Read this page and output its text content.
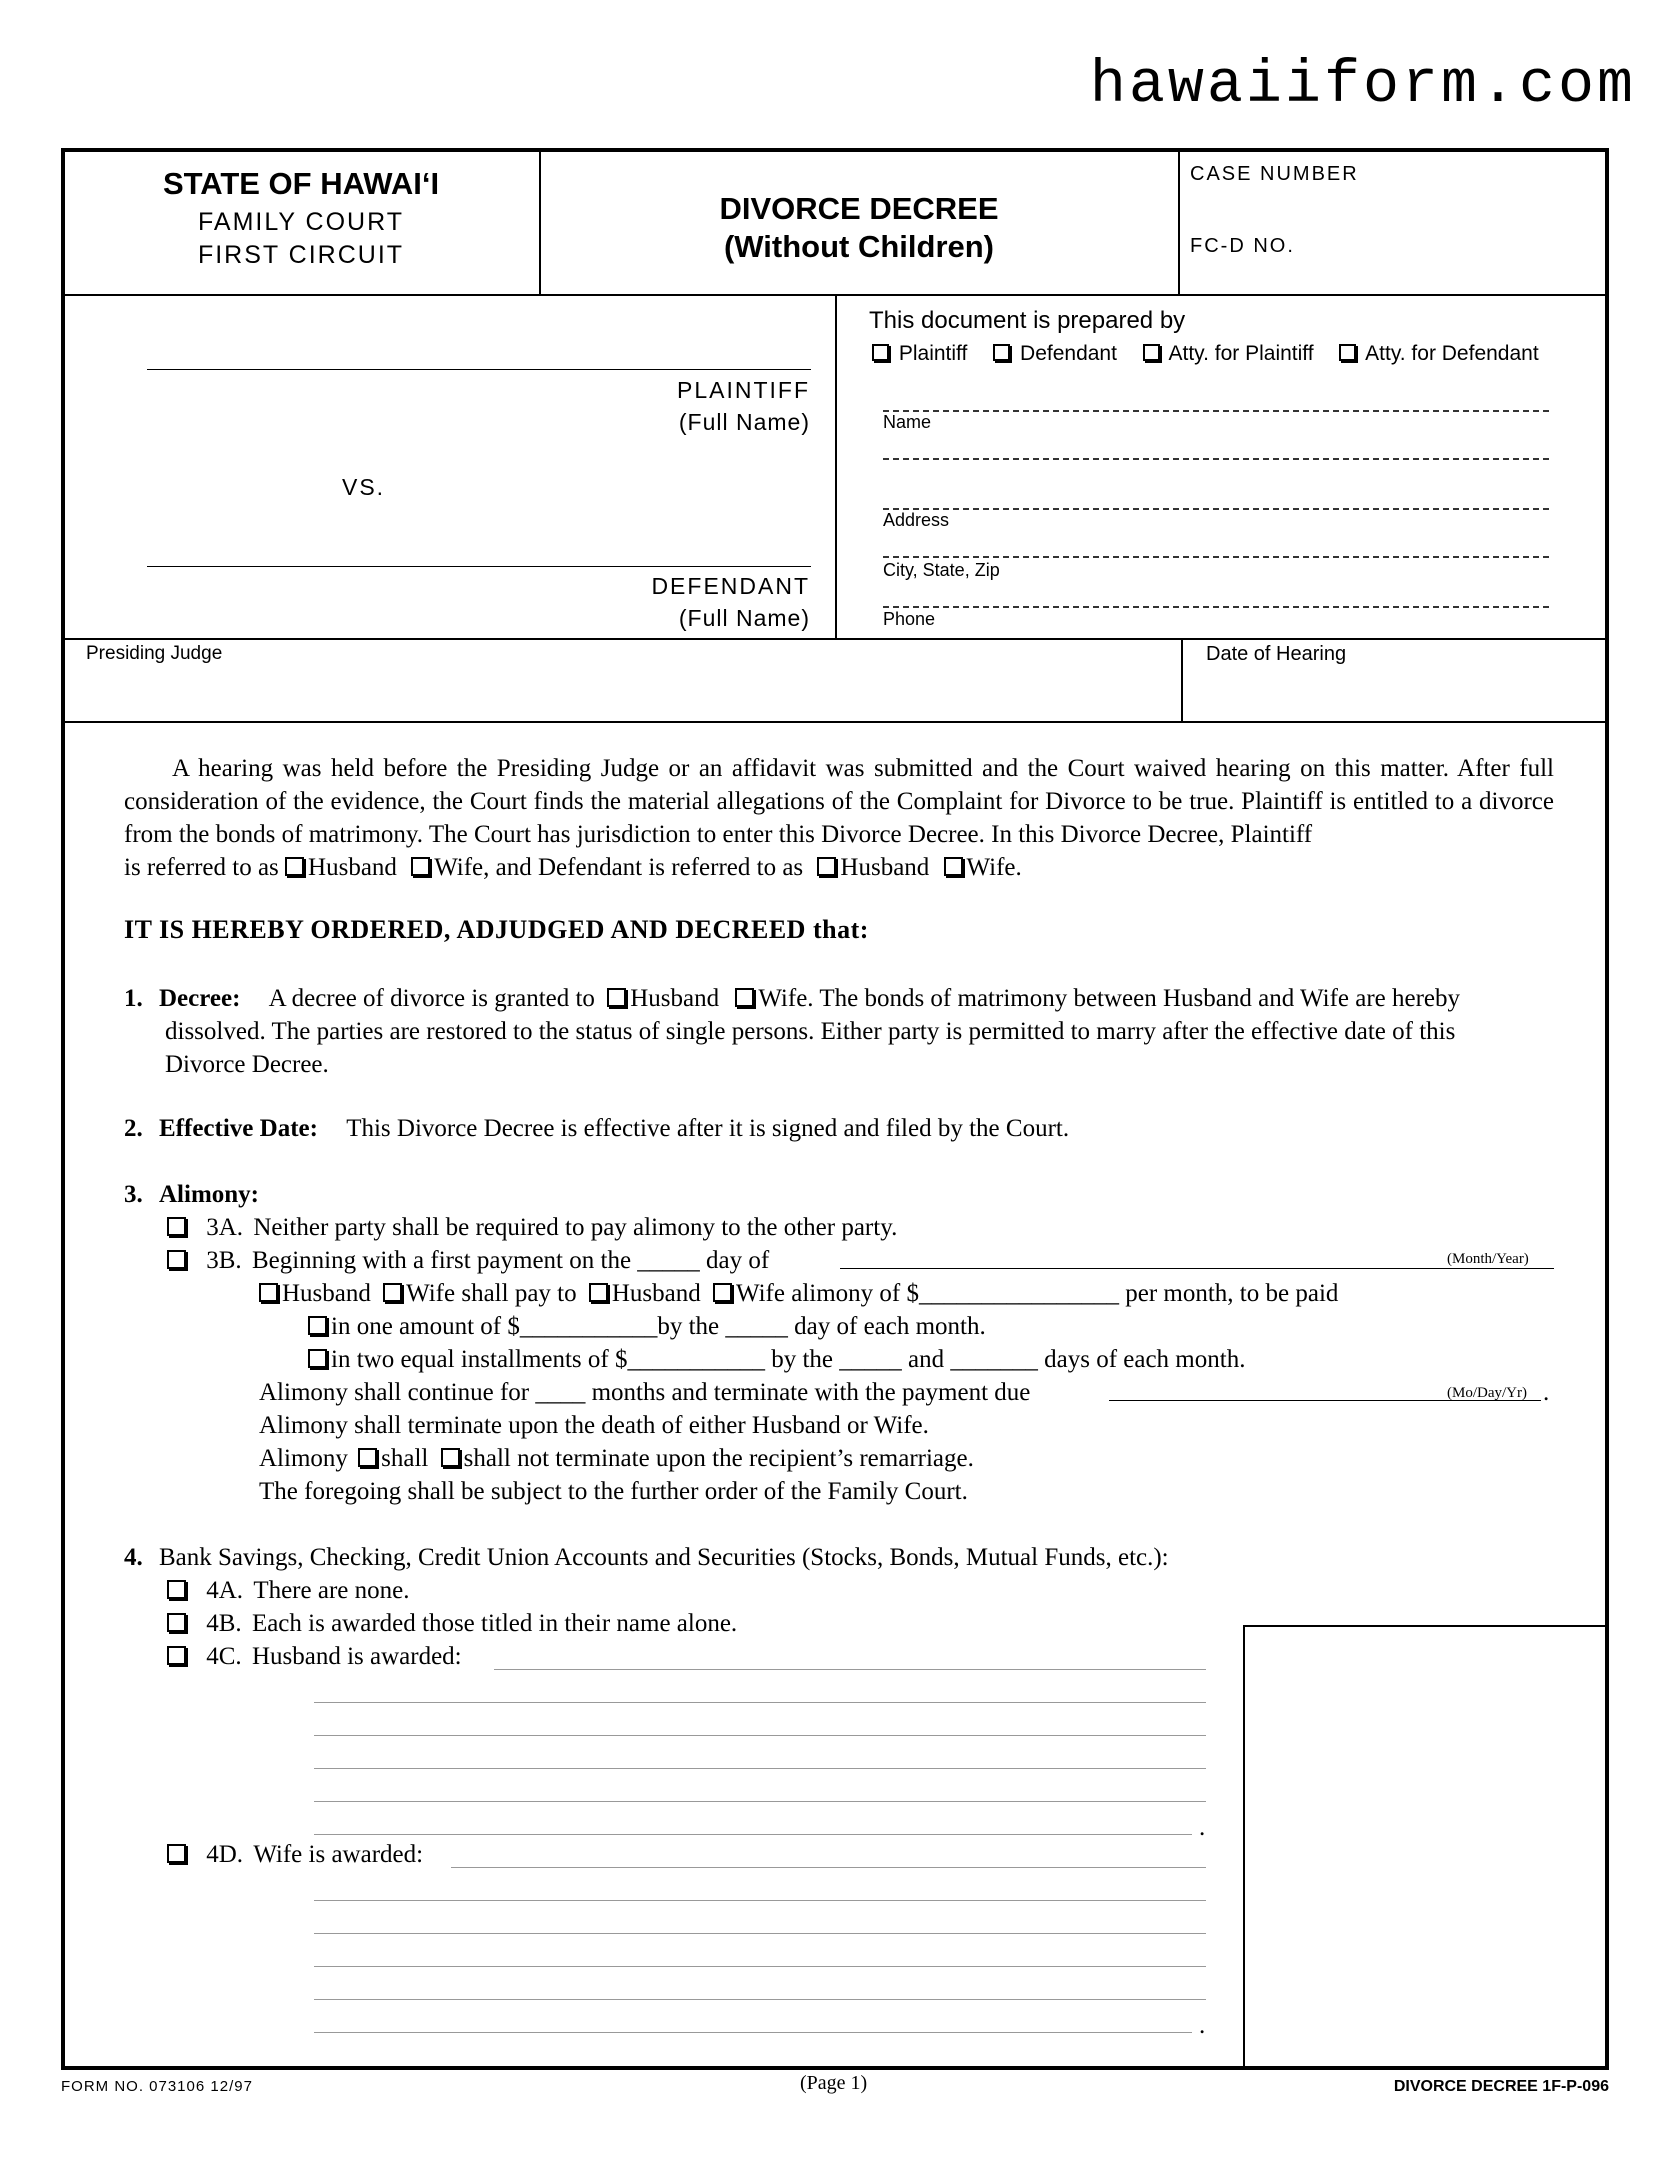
hawaiiform.com
STATE OF HAWAI‘I
FAMILY COURT
FIRST CIRCUIT
DIVORCE DECREE
(Without Children)
CASE NUMBER
FC-D NO.
PLAINTIFF
(Full Name)
VS.
DEFENDANT
(Full Name)
This document is prepared by
Plaintiff	Defendant Atty. for Plaintiff Atty. for Defendant
Name
Address
City, State, Zip
Phone
Presiding Judge	Date of Hearing
A hearing was held before the Presiding Judge or an affidavit was submitted and the Court waived hearing on this matter. After full consideration of the evidence, the Court finds the material allegations of the Complaint for Divorce to be true. Plaintiff is entitled to a divorce from the bonds of matrimony. The Court has jurisdiction to enter this Divorce Decree. In this Divorce Decree, Plaintiff
is referred to as Husband Wife, and Defendant is referred to as Husband Wife.
IT IS HEREBY ORDERED, ADJUDGED AND DECREED that:
1. Decree: A decree of divorce is granted to Husband Wife. The bonds of matrimony between Husband and Wife are hereby
dissolved. The parties are restored to the status of single persons. Either party is permitted to marry after the effective date of this
Divorce Decree.
2. Effective Date: This Divorce Decree is effective after it is signed and filed by the Court.
3. Alimony:
3A. Neither party shall be required to pay alimony to the other party.
3B. Beginning with a first payment on the _____ day of	(Month/Year)
Husband Wife shall pay to Husband Wife alimony of $________________ per month, to be paid
in one amount of $___________by the _____ day of each month.
in two equal installments of $___________ by the _____ and _______ days of each month.
Alimony shall continue for ____ months and terminate with the payment due	(Mo/Day/Yr) .
Alimony shall terminate upon the death of either Husband or Wife.
Alimony shall shall not terminate upon the recipient’s remarriage.
The foregoing shall be subject to the further order of the Family Court.
4. Bank Savings, Checking, Credit Union Accounts and Securities (Stocks, Bonds, Mutual Funds, etc.):
4A. There are none.
4B. Each is awarded those titled in their name alone.
4C. Husband is awarded:
.
4D. Wife is awarded:
.
FORM NO. 073106 12/97	(Page 1)	DIVORCE DECREE 1F-P-096
